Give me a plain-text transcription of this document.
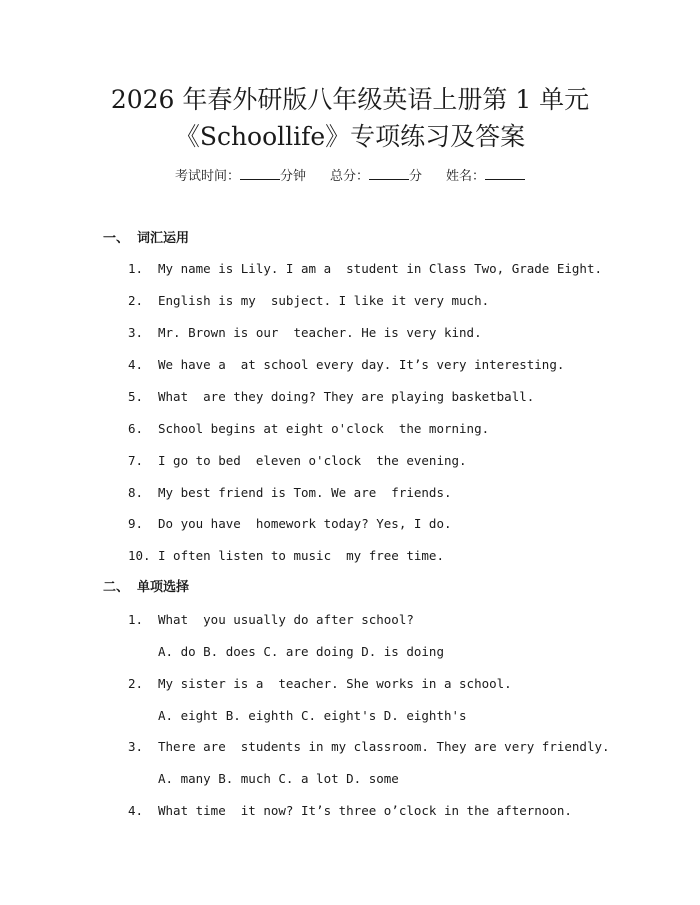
2026 年春外研版八年级英语上册第 1 单元
《Schoollife》专项练习及答案
考试时间：	分钟 总分：	分 姓名：
一、 词汇运用
1. My name is Lily. I am a  student in Class Two, Grade Eight.
2. English is my  subject. I like it very much.
3. Mr. Brown is our  teacher. He is very kind.
4. We have a  at school every day. It’s very interesting.
5. What  are they doing? They are playing basketball.
6. School begins at eight o'clock  the morning.
7. I go to bed  eleven o'clock  the evening.
8. My best friend is Tom. We are  friends.
9. Do you have  homework today? Yes, I do.
10. I often listen to music  my free time.
二、 单项选择
1. What  you usually do after school?
A. do B. does C. are doing D. is doing
2. My sister is a  teacher. She works in a school.
A. eight B. eighth C. eight's D. eighth's
3. There are  students in my classroom. They are very friendly.
A. many B. much C. a lot D. some
4. What time  it now? It’s three o’clock in the afternoon.
